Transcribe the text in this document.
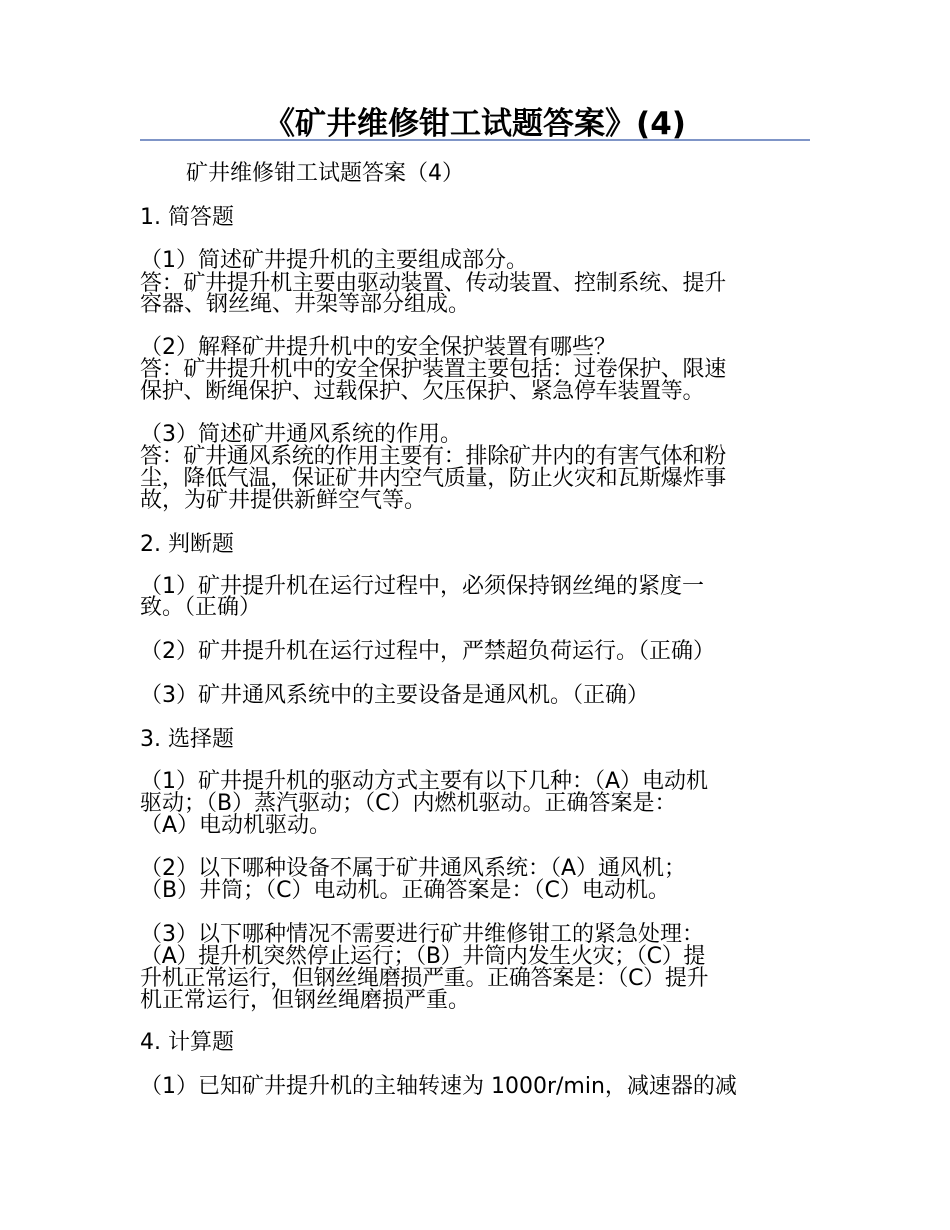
《矿井维修钳工试题答案》(4)
矿井维修钳工试题答案（4）
1. 简答题
（1）简述矿井提升机的主要组成部分。
答：矿井提升机主要由驱动装置、传动装置、控制系统、提升
容器、钢丝绳、井架等部分组成。
（2）解释矿井提升机中的安全保护装置有哪些？
答：矿井提升机中的安全保护装置主要包括：过卷保护、限速
保护、断绳保护、过载保护、欠压保护、紧急停车装置等。
（3）简述矿井通风系统的作用。
答：矿井通风系统的作用主要有：排除矿井内的有害气体和粉
尘，降低气温，保证矿井内空气质量，防止火灾和瓦斯爆炸事
故，为矿井提供新鲜空气等。
2. 判断题
（1）矿井提升机在运行过程中，必须保持钢丝绳的紧度一
致。（正确）
（2）矿井提升机在运行过程中，严禁超负荷运行。（正确）
（3）矿井通风系统中的主要设备是通风机。（正确）
3. 选择题
（1）矿井提升机的驱动方式主要有以下几种：（A）电动机
驱动；（B）蒸汽驱动；（C）内燃机驱动。正确答案是：
（A）电动机驱动。
（2）以下哪种设备不属于矿井通风系统：（A）通风机；
（B）井筒；（C）电动机。正确答案是：（C）电动机。
（3）以下哪种情况不需要进行矿井维修钳工的紧急处理：
（A）提升机突然停止运行；（B）井筒内发生火灾；（C）提
升机正常运行，但钢丝绳磨损严重。正确答案是：（C）提升
机正常运行，但钢丝绳磨损严重。
4. 计算题
（1）已知矿井提升机的主轴转速为 1000r/min，减速器的减
